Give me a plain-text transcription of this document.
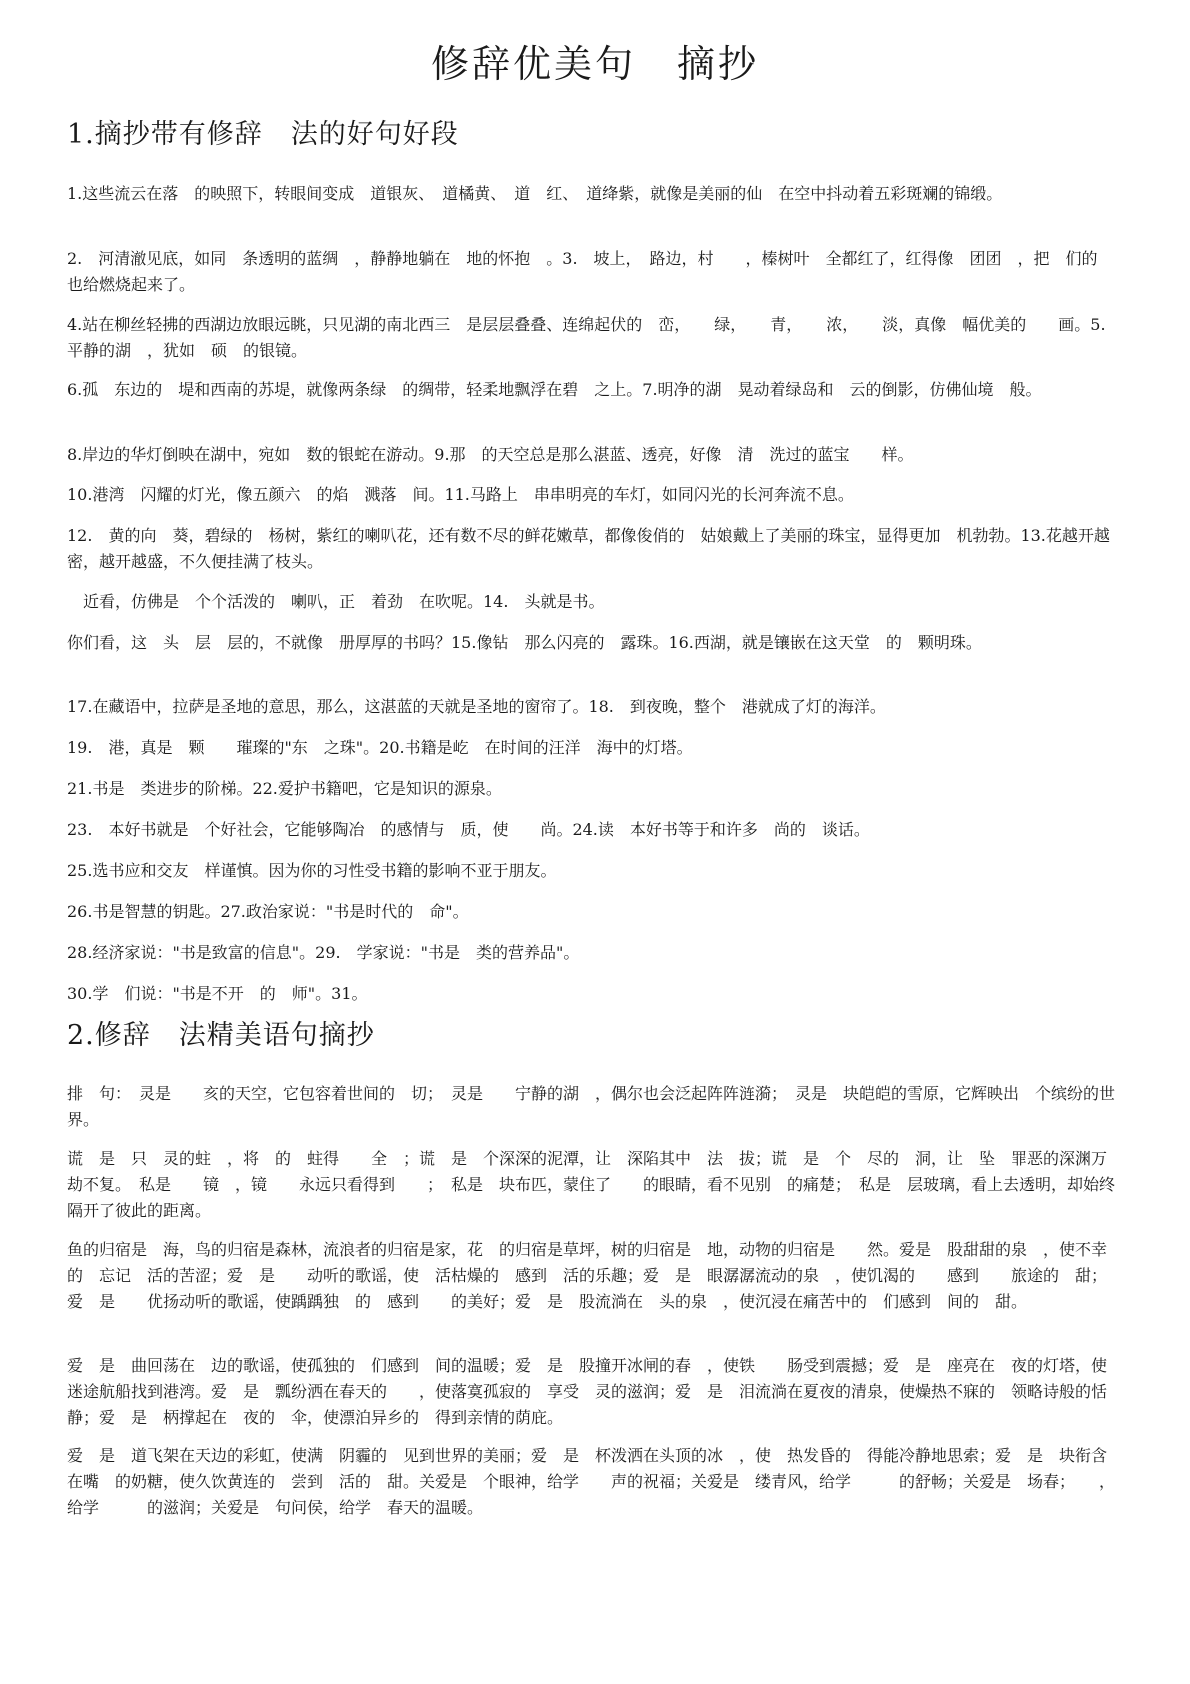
修辞优美句　摘抄
1.摘抄带有修辞　法的好句好段

1.这些流云在落　的映照下，转眼间变成　道银灰、　道橘黄、　道　红、　道绛紫，就像是美丽的仙　在空中抖动着五彩斑斓的锦缎。

2.　河清澈见底，如同　条透明的蓝绸　，静静地躺在　地的怀抱　。3.　坡上，　路边，村　　，榛树叶　全都红了，红得像　团团　，把　们的　也给燃烧起来了。

4.站在柳丝轻拂的西湖边放眼远眺，只见湖的南北西三　是层层叠叠、连绵起伏的　峦，　　绿，　　青，　　浓，　　淡，真像　幅优美的　　画。5.平静的湖　，犹如　硕　的银镜。

6.孤　东边的　堤和西南的苏堤，就像两条绿　的绸带，轻柔地飘浮在碧　之上。7.明净的湖　晃动着绿岛和　云的倒影，仿佛仙境　般。

8.岸边的华灯倒映在湖中，宛如　数的银蛇在游动。9.那　的天空总是那么湛蓝、透亮，好像　清　洗过的蓝宝　　样。

10.港湾　闪耀的灯光，像五颜六　的焰　溅落　间。11.马路上　串串明亮的车灯，如同闪光的长河奔流不息。

12.　黄的向　葵，碧绿的　杨树，紫红的喇叭花，还有数不尽的鲜花嫩草，都像俊俏的　姑娘戴上了美丽的珠宝，显得更加　机勃勃。13.花越开越密，越开越盛，不久便挂满了枝头。

　近看，仿佛是　个个活泼的　喇叭，正　着劲　在吹呢。14.　头就是书。

你们看，这　头　层　层的，不就像　册厚厚的书吗？15.像钻　那么闪亮的　露珠。16.西湖，就是镶嵌在这天堂　的　颗明珠。

17.在藏语中，拉萨是圣地的意思，那么，这湛蓝的天就是圣地的窗帘了。18.　到夜晚，整个　港就成了灯的海洋。

19.　港，真是　颗　　璀璨的"东　之珠"。20.书籍是屹　在时间的汪洋　海中的灯塔。

21.书是　类进步的阶梯。22.爱护书籍吧，它是知识的源泉。

23.　本好书就是　个好社会，它能够陶冶　的感情与　质，使　　尚。24.读　本好书等于和许多　尚的　谈话。

25.选书应和交友　样谨慎。因为你的习性受书籍的影响不亚于朋友。

26.书是智慧的钥匙。27.政治家说："书是时代的　命"。

28.经济家说："书是致富的信息"。29.　学家说："书是　类的营养品"。

30.学　们说："书是不开　的　师"。31。

2.修辞　法精美语句摘抄

排　句：　灵是　　亥的天空，它包容着世间的　切；　灵是　　宁静的湖　，偶尔也会泛起阵阵涟漪；　灵是　块皑皑的雪原，它辉映出　个缤纷的世界。

谎　是　只　灵的蛀　，将　的　蛀得　　全　；谎　是　个深深的泥潭，让　深陷其中　法　拔；谎　是　个　尽的　洞，让　坠　罪恶的深渊万劫不复。　私是　　镜　，镜　　永远只看得到　　；　私是　块布匹，蒙住了　　的眼睛，看不见别　的痛楚；　私是　层玻璃，看上去透明，却始终隔开了彼此的距离。

鱼的归宿是　海，鸟的归宿是森林，流浪者的归宿是家，花　的归宿是草坪，树的归宿是　地，动物的归宿是　　然。爱是　股甜甜的泉　，使不幸的　忘记　活的苦涩；爱　是　　动听的歌谣，使　活枯燥的　感到　活的乐趣；爱　是　眼潺潺流动的泉　，使饥渴的　　感到　　旅途的　甜；爱　是　　优扬动听的歌谣，使踽踽独　的　感到　　的美好；爱　是　股流淌在　头的泉　，使沉浸在痛苦中的　们感到　间的　甜。

爱　是　曲回荡在　边的歌谣，使孤独的　们感到　间的温暖；爱　是　股撞开冰闸的春　，使铁　　肠受到震撼；爱　是　座亮在　夜的灯塔，使迷途航船找到港湾。爱　是　瓢纷洒在春天的　　，使落寞孤寂的　享受　灵的滋润；爱　是　泪流淌在夏夜的清泉，使燥热不寐的　领略诗般的恬静；爱　是　柄撑起在　夜的　伞，使漂泊异乡的　得到亲情的荫庇。

爱　是　道飞架在天边的彩虹，使满　阴霾的　见到世界的美丽；爱　是　杯泼洒在头顶的冰　，使　热发昏的　得能冷静地思索；爱　是　块衔含在嘴　的奶糖，使久饮黄连的　尝到　活的　甜。关爱是　个眼神，给学　　声的祝福；关爱是　缕青风，给学　　　的舒畅；关爱是　场春；　　，给学　　　的滋润；关爱是　句问侯，给学　春天的温暖。
